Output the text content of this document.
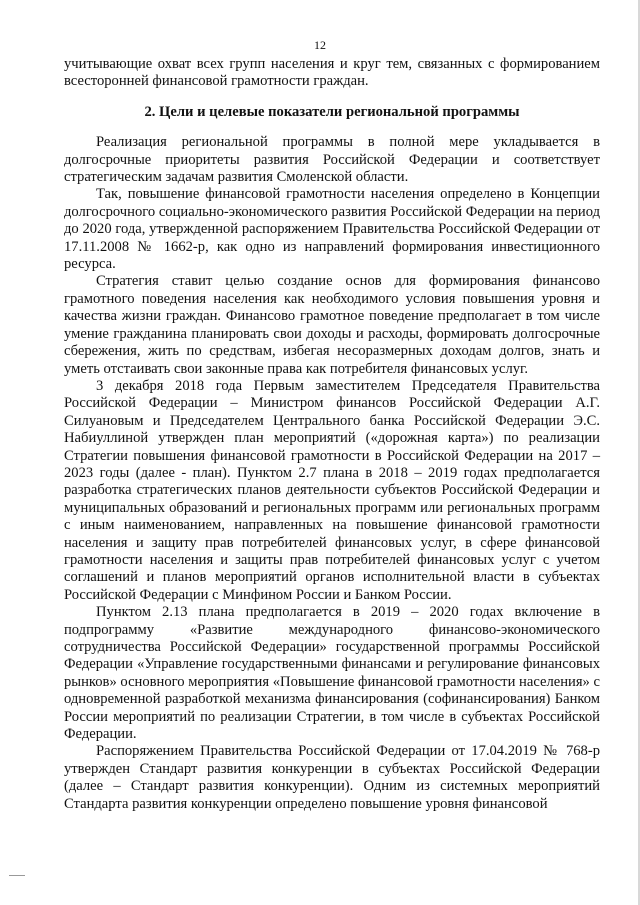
12

учитывающие охват всех групп населения и круг тем, связанных с формированием всесторонней финансовой грамотности граждан.

2. Цели и целевые показатели региональной программы

Реализация региональной программы в полной мере укладывается в долгосрочные приоритеты развития Российской Федерации и соответствует стратегическим задачам развития Смоленской области.

Так, повышение финансовой грамотности населения определено в Концепции долгосрочного социально-экономического развития Российской Федерации на период до 2020 года, утвержденной распоряжением Правительства Российской Федерации от 17.11.2008 № 1662-р, как одно из направлений формирования инвестиционного ресурса.

Стратегия ставит целью создание основ для формирования финансово грамотного поведения населения как необходимого условия повышения уровня и качества жизни граждан. Финансово грамотное поведение предполагает в том числе умение гражданина планировать свои доходы и расходы, формировать долгосрочные сбережения, жить по средствам, избегая несоразмерных доходам долгов, знать и уметь отстаивать свои законные права как потребителя финансовых услуг.

3 декабря 2018 года Первым заместителем Председателя Правительства Российской Федерации – Министром финансов Российской Федерации А.Г. Силуановым и Председателем Центрального банка Российской Федерации Э.С. Набиуллиной утвержден план мероприятий («дорожная карта») по реализации Стратегии повышения финансовой грамотности в Российской Федерации на 2017 – 2023 годы (далее - план). Пунктом 2.7 плана в 2018 – 2019 годах предполагается разработка стратегических планов деятельности субъектов Российской Федерации и муниципальных образований и региональных программ или региональных программ с иным наименованием, направленных на повышение финансовой грамотности населения и защиту прав потребителей финансовых услуг, в сфере финансовой грамотности населения и защиты прав потребителей финансовых услуг с учетом соглашений и планов мероприятий органов исполнительной власти в субъектах Российской Федерации с Минфином России и Банком России.

Пунктом 2.13 плана предполагается в 2019 – 2020 годах включение в подпрограмму «Развитие международного финансово-экономического сотрудничества Российской Федерации» государственной программы Российской Федерации «Управление государственными финансами и регулирование финансовых рынков» основного мероприятия «Повышение финансовой грамотности населения» с одновременной разработкой механизма финансирования (софинансирования) Банком России мероприятий по реализации Стратегии, в том числе в субъектах Российской Федерации.

Распоряжением Правительства Российской Федерации от 17.04.2019 № 768-р утвержден Стандарт развития конкуренции в субъектах Российской Федерации (далее – Стандарт развития конкуренции). Одним из системных мероприятий Стандарта развития конкуренции определено повышение уровня финансовой
